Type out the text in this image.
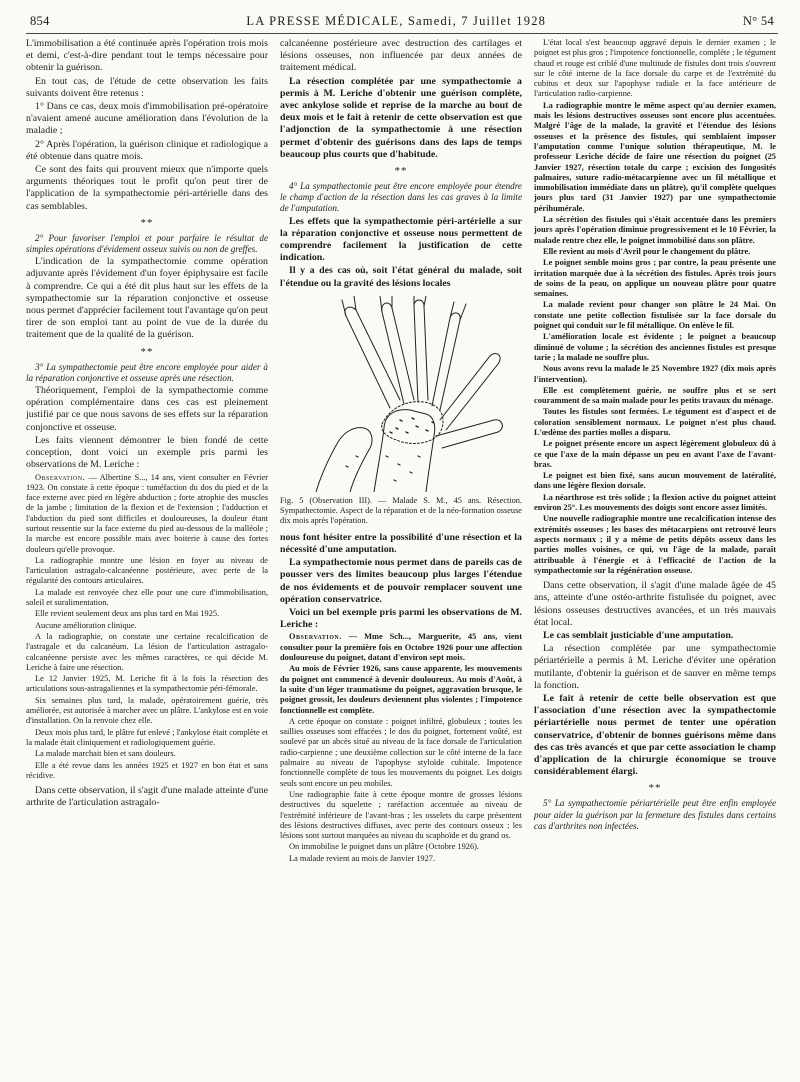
854	LA PRESSE MÉDICALE, Samedi, 7 Juillet 1928	N° 54

L'immobilisation a été continuée après l'opération trois mois et demi, c'est-à-dire pendant tout le temps nécessaire pour obtenir la guérison.

En tout cas, de l'étude de cette observation les faits suivants doivent être retenus :

1° Dans ce cas, deux mois d'immobilisation pré-opératoire n'avaient amené aucune amélioration dans l'évolution de la maladie ;

2° Après l'opération, la guérison clinique et radiologique a été obtenue dans quatre mois.

Ce sont des faits qui prouvent mieux que n'importe quels arguments théoriques tout le profit qu'on peut tirer de l'application de la sympathectomie péri-artérielle dans des cas semblables.

**

2° Pour favoriser l'emploi et pour parfaire le résultat de simples opérations d'évidement osseux suivis ou non de greffes.

L'indication de la sympathectomie comme opération adjuvante après l'évidement d'un foyer épiphysaire est facile à comprendre. Ce qui a été dit plus haut sur les effets de la sympathectomie sur la réparation conjonctive et osseuse nous permet d'apprécier facilement tout l'avantage qu'on peut tirer de son emploi tant au point de vue de la durée du traitement que de la qualité de la guérison.

**

3° La sympathectomie peut être encore employée pour aider à la réparation conjonctive et osseuse après une résection.

Théoriquement, l'emploi de la sympathectomie comme opération complémentaire dans ces cas est pleinement justifié par ce que nous savons de ses effets sur la réparation conjonctive et osseuse.

Les faits viennent démontrer le bien fondé de cette conception, dont voici un exemple pris parmi les observations de M. Leriche :

Observation. — Albertine S..., 14 ans, vient consulter en Février 1923. On constate à cette époque : tuméfaction du dos du pied et de la face externe avec pied en légère abduction ; forte atrophie des muscles de la jambe ; limitation de la flexion et de l'extension ; l'adduction et l'abduction du pied sont difficiles et douloureuses, la douleur étant surtout ressentie sur la face externe du pied au-dessous de la malléole ; la marche est encore possible mais avec boiterie à cause des fortes douleurs qu'elle provoque.

La radiographie montre une lésion en foyer au niveau de l'articulation astragalo-calcanéenne postérieure, avec perte de la régularité des contours articulaires.

La malade est renvoyée chez elle pour une cure d'immobilisation, soleil et suralimentation.

Elle revient seulement deux ans plus tard en Mai 1925.

Aucune amélioration clinique.

A la radiographie, on constate une certaine recalcification de l'astragale et du calcanéum. La lésion de l'articulation astragalo-calcanéenne persiste avec les mêmes caractères, ce qui décide M. Leriche à faire une résection.

Le 12 Janvier 1925, M. Leriche fit à la fois la résection des articulations sous-astragaliennes et la sympathectomie péri-fémorale.

Six semaines plus tard, la malade, opératoirement guérie, très améliorée, est autorisée à marcher avec un plâtre. L'ankylose est en voie d'installation. On la renvoie chez elle.

Deux mois plus tard, le plâtre fut enlevé ; l'ankylose était complète et la malade était cliniquement et radiologiquement guérie.

La malade marchait bien et sans douleurs.

Elle a été revue dans les années 1925 et 1927 en bon état et sans récidive.

Dans cette observation, il s'agit d'une malade atteinte d'une arthrite de l'articulation astragalo-

calcanéenne postérieure avec destruction des cartilages et lésions osseuses, non influencée par deux années de traitement médical.

La résection complétée par une sympathectomie a permis à M. Leriche d'obtenir une guérison complète, avec ankylose solide et reprise de la marche au bout de deux mois et le fait à retenir de cette observation est que l'adjonction de la sympathectomie à une résection permet d'obtenir des guérisons dans des laps de temps beaucoup plus courts que d'habitude.

**

4° La sympathectomie peut être encore employée pour étendre le champ d'action de la résection dans les cas graves à la limite de l'amputation.

Les effets que la sympathectomie péri-artérielle a sur la réparation conjonctive et osseuse nous permettent de comprendre facilement la justification de cette indication.

Il y a des cas où, soit l'état général du malade, soit l'étendue ou la gravité des lésions locales

Fig. 5 (Observation III). — Malade S. M., 45 ans. Résection. Sympathectomie. Aspect de la réparation et de la néo-formation osseuse dix mois après l'opération.

nous font hésiter entre la possibilité d'une résection et la nécessité d'une amputation.

La sympathectomie nous permet dans de pareils cas de pousser vers des limites beaucoup plus larges l'étendue de nos évidements et de pouvoir remplacer souvent une opération conservatrice.

Voici un bel exemple pris parmi les observations de M. Leriche :

Observation. — Mme Sch..., Marguerite, 45 ans, vient consulter pour la première fois en Octobre 1926 pour une affection douloureuse du poignet, datant d'environ sept mois.

Au mois de Février 1926, sans cause apparente, les mouvements du poignet ont commencé à devenir douloureux. Au mois d'Août, à la suite d'un léger traumatisme du poignet, aggravation brusque, le poignet grossit, les douleurs deviennent plus violentes ; l'impotence fonctionnelle est complète.

A cette époque on constate : poignet infiltré, globuleux ; toutes les saillies osseuses sont effacées ; le dos du poignet, fortement voûté, est soulevé par un abcès situé au niveau de la face dorsale de l'articulation radio-carpienne ; une deuxième collection sur le côté interne de la face palmaire au niveau de l'apophyse styloïde cubitale. Impotence fonctionnelle complète de tous les mouvements du poignet. Les doigts seuls sont encore un peu mobiles.

Une radiographie faite à cette époque montre de grosses lésions destructives du squelette ; raréfaction accentuée au niveau de l'extrémité inférieure de l'avant-bras ; les osselets du carpe présentent des lésions destructives diffuses, avec perte des contours osseux ; les lésions sont surtout marquées au niveau du scaphoïde et du grand os.

On immobilise le poignet dans un plâtre (Octobre 1926).

La malade revient au mois de Janvier 1927.

L'état local s'est beaucoup aggravé depuis le dernier examen ; le poignet est plus gros ; l'impotence fonctionnelle, complète ; le tégument chaud et rouge est criblé d'une multitude de fistules dont trois s'ouvrent sur le côté interne de la face dorsale du carpe et de l'extrémité du cubitus et deux sur l'apophyse radiale et la face antérieure de l'articulation radio-carpienne.

La radiographie montre le même aspect qu'au dernier examen, mais les lésions destructives osseuses sont encore plus accentuées. Malgré l'âge de la malade, la gravité et l'étendue des lésions osseuses et la présence des fistules, qui semblaient imposer l'amputation comme l'unique solution thérapeutique, M. le professeur Leriche décide de faire une résection du poignet (25 Janvier 1927, résection totale du carpe ; excision des fongosités palmaires, suture radio-métacarpienne avec un fil métallique et immobilisation immédiate dans un plâtre), qu'il complète quelques jours plus tard (31 Janvier 1927) par une sympathectomie périhumérale.

La sécrétion des fistules qui s'était accentuée dans les premiers jours après l'opération diminue progressivement et le 10 Février, la malade rentre chez elle, le poignet immobilisé dans son plâtre.

Elle revient au mois d'Avril pour le changement du plâtre.

Le poignet semble moins gros ; par contre, la peau présente une irritation marquée due à la sécrétion des fistules. Après trois jours de soins de la peau, on applique un nouveau plâtre pour quatre semaines.

La malade revient pour changer son plâtre le 24 Mai. On constate une petite collection fistulisée sur la face dorsale du poignet qui conduit sur le fil métallique. On enlève le fil.

L'amélioration locale est évidente ; le poignet a beaucoup diminué de volume ; la sécrétion des anciennes fistules est presque tarie ; la malade ne souffre plus.

Nous avons revu la malade le 25 Novembre 1927 (dix mois après l'intervention).

Elle est complètement guérie, ne souffre plus et se sert couramment de sa main malade pour les petits travaux du ménage.

Toutes les fistules sont fermées. Le tégument est d'aspect et de coloration sensiblement normaux. Le poignet n'est plus chaud. L'œdème des parties molles a disparu.

Le poignet présente encore un aspect légèrement globuleux dû à ce que l'axe de la main dépasse un peu en avant l'axe de l'avant-bras.

Le poignet est bien fixé, sans aucun mouvement de latéralité, dans une légère flexion dorsale.

La néarthrose est très solide ; la flexion active du poignet atteint environ 25°. Les mouvements des doigts sont encore assez limités.

Une nouvelle radiographie montre une recalcification intense des extrémités osseuses ; les bases des métacarpiens ont retrouvé leurs aspects normaux ; il y a même de petits dépôts osseux dans les parties molles voisines, ce qui, vu l'âge de la malade, paraît attribuable à l'énergie et à l'efficacité de l'action de la sympathectomie sur la régénération osseuse.

Dans cette observation, il s'agit d'une malade âgée de 45 ans, atteinte d'une ostéo-arthrite fistulisée du poignet, avec lésions osseuses destructives avancées, et un très mauvais état local.

Le cas semblait justiciable d'une amputation.

La résection complétée par une sympathectomie périartérielle a permis à M. Leriche d'éviter une opération mutilante, d'obtenir la guérison et de sauver en même temps la fonction.

Le fait à retenir de cette belle observation est que l'association d'une résection avec la sympathectomie périartérielle nous permet de tenter une opération conservatrice, d'obtenir de bonnes guérisons même dans des cas très avancés et que par cette association le champ d'application de la chirurgie économique se trouve considérablement élargi.

**

5° La sympathectomie périartérielle peut être enfin employée pour aider la guérison par la fermeture des fistules dans certains cas d'arthrites non infectées.
